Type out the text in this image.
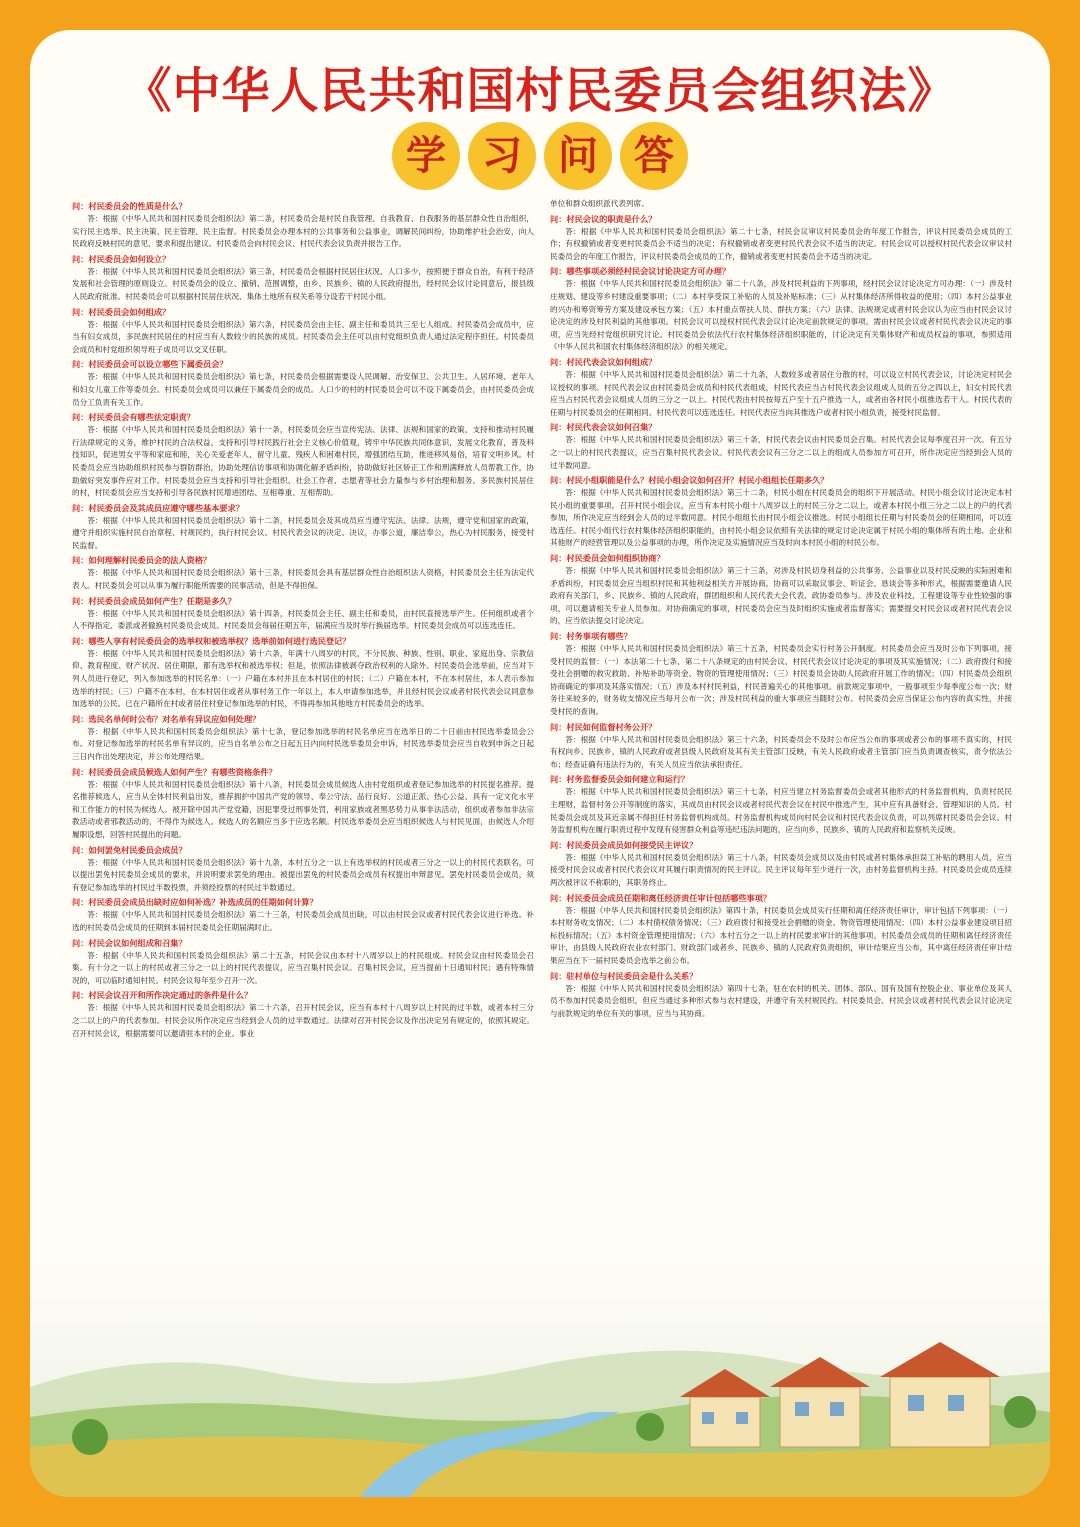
《中华人民共和国村民委员会组织法》
学 习 问 答
问：村民委员会的性质是什么？
答：根据《中华人民共和国村民委员会组织法》第二条，村民委员会是村民自我管理、自我教育、自我服务的基层群众性自治组织，实行民主选举、民主决策、民主管理、民主监督。村民委员会办理本村的公共事务和公益事业，调解民间纠纷，协助维护社会治安，向人民政府反映村民的意见、要求和提出建议。村民委员会向村民会议、村民代表会议负责并报告工作。
问：村民委员会如何设立？
答：根据《中华人民共和国村民委员会组织法》第三条，村民委员会根据村民居住状况、人口多少，按照便于群众自治，有利于经济发展和社会管理的原则设立。村民委员会的设立、撤销、范围调整，由乡、民族乡、镇的人民政府提出，经村民会议讨论同意后，报县级人民政府批准。村民委员会可以根据村民居住状况、集体土地所有权关系等分设若干村民小组。
问：村民委员会如何组成？
答：根据《中华人民共和国村民委员会组织法》第六条，村民委员会由主任、副主任和委员共三至七人组成。村民委员会成员中，应当有妇女成员，多民族村民居住的村应当有人数较少的民族的成员。村民委员会主任可以由村党组织负责人通过法定程序担任。村民委员会成员和村党组织领导班子成员可以交叉任职。
问：村民委员会可以设立哪些下属委员会？
答：根据《中华人民共和国村民委员会组织法》第七条，村民委员会根据需要设人民调解、治安保卫、公共卫生、人居环境、老年人和妇女儿童工作等委员会。村民委员会成员可以兼任下属委员会的成员。人口少的村的村民委员会可以不设下属委员会，由村民委员会成员分工负责有关工作。
问：村民委员会有哪些法定职责？
答：根据《中华人民共和国村民委员会组织法》第十一条，村民委员会应当宣传宪法、法律、法规和国家的政策，支持和推动村民履行法律规定的义务，维护村民的合法权益，支持和引导村民践行社会主义核心价值观，铸牢中华民族共同体意识，发展文化教育，普及科技知识，促进男女平等和家庭和睦，关心关爱老年人、留守儿童、残疾人和困难村民，增强团结互助，推进移风易俗，培育文明乡风。村民委员会应当协助组织村民参与群防群治，协助处理信访事项和协调化解矛盾纠纷，协助做好社区矫正工作和刑满释放人员帮教工作，协助做好突发事件应对工作。村民委员会应当支持和引导社会组织、社会工作者、志愿者等社会力量参与乡村治理和服务。多民族村民居住的村，村民委员会应当支持和引导各民族村民增进团结、互相尊重、互相帮助。
问：村民委员会及其成员应遵守哪些基本要求？
答：根据《中华人民共和国村民委员会组织法》第十二条，村民委员会及其成员应当遵守宪法、法律、法规，遵守党和国家的政策，遵守并组织实施村民自治章程、村规民约，执行村民会议、村民代表会议的决定、决议，办事公道，廉洁奉公，热心为村民服务，接受村民监督。
问：如何理解村民委员会的法人资格？
答：根据《中华人民共和国村民委员会组织法》第十三条，村民委员会具有基层群众性自治组织法人资格，村民委员会主任为法定代表人。村民委员会可以从事为履行职能所需要的民事活动，但是不得担保。
问：村民委员会成员如何产生？任期是多久？
答：根据《中华人民共和国村民委员会组织法》第十四条，村民委员会主任、副主任和委员，由村民直接选举产生。任何组织或者个人不得指定、委派或者撤换村民委员会成员。村民委员会每届任期五年，届满应当及时举行换届选举。村民委员会成员可以连选连任。
问：哪些人享有村民委员会的选举权和被选举权？选举前如何进行选民登记？
答：根据《中华人民共和国村民委员会组织法》第十六条，年满十八周岁的村民，不分民族、种族、性别、职业、家庭出身、宗教信仰、教育程度、财产状况、居住期限，都有选举权和被选举权；但是，依照法律被剥夺政治权利的人除外。村民委员会选举前，应当对下列人员进行登记，列入参加选举的村民名单：（一）户籍在本村并且在本村居住的村民；（二）户籍在本村，不在本村居住，本人表示参加选举的村民；（三）户籍不在本村，在本村居住或者从事村务工作一年以上，本人申请参加选举，并且经村民会议或者村民代表会议同意参加选举的公民。已在户籍所在村或者居住村登记参加选举的村民，不得再参加其他地方村民委员会的选举。
问：选民名单何时公布？对名单有异议应如何处理？
答：根据《中华人民共和国村民委员会组织法》第十七条，登记参加选举的村民名单应当在选举日的二十日前由村民选举委员会公布。对登记参加选举的村民名单有异议的，应当自名单公布之日起五日内向村民选举委员会申诉，村民选举委员会应当自收到申诉之日起三日内作出处理决定，并公布处理结果。
问：村民委员会成员候选人如何产生？有哪些资格条件？
答：根据《中华人民共和国村民委员会组织法》第十八条，村民委员会成员候选人由村党组织或者登记参加选举的村民提名推荐。提名推荐候选人，应当从全体村民利益出发，推荐拥护中国共产党的领导、奉公守法、品行良好、公道正派、热心公益、具有一定文化水平和工作能力的村民为候选人。被开除中国共产党党籍，因犯罪受过刑事处罚，利用家族或者黑恶势力从事非法活动，组织或者参加非法宗教活动或者邪教活动的，不得作为候选人。候选人的名额应当多于应选名额。村民选举委员会应当组织候选人与村民见面，由候选人介绍履职设想，回答村民提出的问题。
问：如何罢免村民委员会成员？
答：根据《中华人民共和国村民委员会组织法》第十九条，本村五分之一以上有选举权的村民或者三分之一以上的村民代表联名，可以提出罢免村民委员会成员的要求，并说明要求罢免的理由。被提出罢免的村民委员会成员有权提出申辩意见。罢免村民委员会成员，须有登记参加选举的村民过半数投票，并须经投票的村民过半数通过。
问：村民委员会成员出缺时应如何补选？补选成员的任期如何计算？
答：根据《中华人民共和国村民委员会组织法》第二十三条，村民委员会成员出缺，可以由村民会议或者村民代表会议进行补选。补选的村民委员会成员的任期到本届村民委员会任期届满时止。
问：村民会议如何组成和召集？
答：根据《中华人民共和国村民委员会组织法》第二十五条，村民会议由本村十八周岁以上的村民组成。村民会议由村民委员会召集。有十分之一以上的村民或者三分之一以上的村民代表提议，应当召集村民会议。召集村民会议，应当提前十日通知村民；遇有特殊情况的，可以临时通知村民。村民会议每年至少召开一次。
问：村民会议召开和所作决定通过的条件是什么？
答：根据《中华人民共和国村民委员会组织法》第二十六条，召开村民会议，应当有本村十八周岁以上村民的过半数，或者本村三分之二以上的户的代表参加。村民会议所作决定应当经到会人员的过半数通过。法律对召开村民会议及作出决定另有规定的，依照其规定。召开村民会议，根据需要可以邀请驻本村的企业、事业
单位和群众组织派代表列席。
问：村民会议的职责是什么？
答：根据《中华人民共和国村民委员会组织法》第二十七条，村民会议审议村民委员会的年度工作报告，评议村民委员会成员的工作；有权撤销或者变更村民委员会不适当的决定；有权撤销或者变更村民代表会议不适当的决定。村民会议可以授权村民代表会议审议村民委员会的年度工作报告，评议村民委员会成员的工作，撤销或者变更村民委员会不适当的决定。
问：哪些事项必须经村民会议讨论决定方可办理？
答：根据《中华人民共和国村民委员会组织法》第二十八条，涉及村民利益的下列事项，经村民会议讨论决定方可办理：（一）涉及村庄规划、建设等乡村建设重要事项；（二）本村享受误工补贴的人员及补贴标准；（三）从村集体经济所得收益的使用；（四）本村公益事业的兴办和筹资筹劳方案及建设承包方案；（五）本村重点帮扶人员、群扶方案；（六）法律、法规规定或者村民会议认为应当由村民会议讨论决定的涉及村民利益的其他事项。村民会议可以授权村民代表会议讨论决定前款规定的事项。需由村民会议或者村民代表会议决定的事项，应当先经村党组织研究讨论。村民委员会依法代行农村集体经济组织职能的，讨论决定有关集体财产和成员权益的事项，参照适用《中华人民共和国农村集体经济组织法》的相关规定。
问：村民代表会议如何组成？
答：根据《中华人民共和国村民委员会组织法》第二十九条，人数较多或者居住分散的村，可以设立村民代表会议，讨论决定村民会议授权的事项。村民代表会议由村民委员会成员和村民代表组成，村民代表应当占村民代表会议组成人员的五分之四以上，妇女村民代表应当占村民代表会议组成人员的三分之一以上。村民代表由村民按每五户至十五户推选一人，或者由各村民小组推选若干人。村民代表的任期与村民委员会的任期相同。村民代表可以连选连任。村民代表应当向其推选户或者村民小组负责，接受村民监督。
问：村民代表会议如何召集？
答：根据《中华人民共和国村民委员会组织法》第三十条，村民代表会议由村民委员会召集。村民代表会议每季度召开一次。有五分之一以上的村民代表提议，应当召集村民代表会议。村民代表会议有三分之二以上的组成人员参加方可召开，所作决定应当经到会人员的过半数同意。
问：村民小组职能是什么？村民小组会议如何召开？村民小组组长任期多久？
答：根据《中华人民共和国村民委员会组织法》第三十二条，村民小组在村民委员会的组织下开展活动。村民小组会议讨论决定本村民小组的重要事项。召开村民小组会议，应当有本村民小组十八周岁以上的村民三分之二以上，或者本村民小组三分之二以上的户的代表参加，所作决定应当经到会人员的过半数同意。村民小组组长由村民小组会议推选。村民小组组长任期与村民委员会的任期相同，可以连选连任。村民小组代行农村集体经济组织职能的，由村民小组会议依照有关法律的规定讨论决定属于村民小组的集体所有的土地、企业和其他财产的经营管理以及公益事项的办理，所作决定及实施情况应当及时向本村民小组的村民公布。
问：村民委员会如何组织协商？
答：根据《中华人民共和国村民委员会组织法》第三十三条，对涉及村民切身利益的公共事务、公益事业以及村民反映的实际困难和矛盾纠纷，村民委员会应当组织村民和其他利益相关方开展协商。协商可以采取议事会、听证会、恳谈会等多种形式，根据需要邀请人民政府有关部门，乡、民族乡、镇的人民政府，群团组织和人民代表大会代表、政协委员参与。涉及农业科技、工程建设等专业性较强的事项，可以邀请相关专业人员参加。对协商确定的事项，村民委员会应当及时组织实施或者监督落实；需要提交村民会议或者村民代表会议的，应当依法提交讨论决定。
问：村务事项有哪些？
答：根据《中华人民共和国村民委员会组织法》第三十五条，村民委员会实行村务公开制度。村民委员会应当及时公布下列事项，接受村民的监督：（一）本法第二十七条、第二十八条规定的由村民会议、村民代表会议讨论决定的事项及其实施情况；（二）政府拨付和接受社会捐赠的救灾救助、补贴补助等资金、物资的管理使用情况；（三）村民委员会协助人民政府开展工作的情况；（四）村民委员会组织协商确定的事项及其落实情况；（五）涉及本村村民利益，村民普遍关心的其他事项。前款规定事项中，一般事项至少每季度公布一次；财务往来较多的，财务收支情况应当每月公布一次；涉及村民利益的重大事项应当随时公布。村民委员会应当保证公布内容的真实性，并接受村民的查询。
问：村民如何监督村务公开？
答：根据《中华人民共和国村民委员会组织法》第三十六条，村民委员会不及时公布应当公布的事项或者公布的事项不真实的，村民有权向乡、民族乡、镇的人民政府或者县级人民政府及其有关主管部门反映，有关人民政府或者主管部门应当负责调查核实，责令依法公布；经查证确有违法行为的，有关人员应当依法承担责任。
问：村务监督委员会如何建立和运行？
答：根据《中华人民共和国村民委员会组织法》第三十七条，村应当建立村务监督委员会或者其他形式的村务监督机构，负责村民民主理财，监督村务公开等制度的落实，其成员由村民会议或者村民代表会议在村民中推选产生，其中应有具备财会、管理知识的人员。村民委员会成员及其近亲属不得担任村务监督机构成员。村务监督机构成员向村民会议和村民代表会议负责，可以列席村民委员会会议。村务监督机构在履行职责过程中发现有侵害群众利益等违纪违法问题的，应当向乡、民族乡、镇的人民政府和监察机关反映。
问：村民委员会成员如何接受民主评议？
答：根据《中华人民共和国村民委员会组织法》第三十八条，村民委员会成员以及由村民或者村集体承担误工补贴的聘用人员，应当接受村民会议或者村民代表会议对其履行职责情况的民主评议。民主评议每年至少进行一次，由村务监督机构主持。村民委员会成员连续两次被评议不称职的，其职务终止。
问：村民委员会成员任期和离任经济责任审计包括哪些事项？
答：根据《中华人民共和国村民委员会组织法》第四十条，村民委员会成员实行任期和离任经济责任审计，审计包括下列事项：（一）本村财务收支情况；（二）本村债权债务情况；（三）政府拨付和接受社会捐赠的资金、物资管理使用情况；（四）本村公益事业建设项目招标投标情况；（五）本村资金管理使用情况；（六）本村五分之一以上的村民要求审计的其他事项。村民委员会成员的任期和离任经济责任审计，由县级人民政府农业农村部门、财政部门或者乡、民族乡、镇的人民政府负责组织，审计结果应当公布，其中离任经济责任审计结果应当在下一届村民委员会选举之前公布。
问：驻村单位与村民委员会是什么关系？
答：根据《中华人民共和国村民委员会组织法》第四十七条，驻在农村的机关、团体、部队、国有及国有控股企业、事业单位及其人员不参加村民委员会组织，但应当通过多种形式参与农村建设，并遵守有关村规民约。村民委员会、村民会议或者村民代表会议讨论决定与前款规定的单位有关的事项，应当与其协商。
